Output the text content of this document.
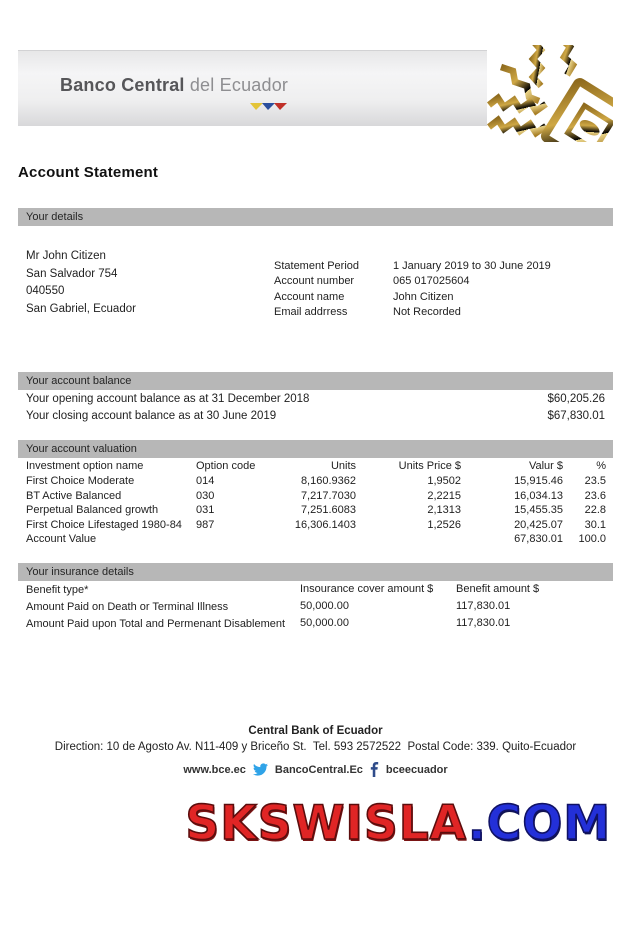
Banco Central del Ecuador
Account Statement
Your details
Mr John Citizen
San Salvador 754
040550
San Gabriel, Ecuador
Statement Period	1 January 2019 to 30 June 2019
Account number	065 017025604
Account name	John Citizen
Email addrress	Not Recorded
Your account balance
Your opening account balance as at 31 December 2018	$60,205.26
Your closing account balance as at 30 June 2019	$67,830.01
Your account valuation
Investment option name	Option code	Units	Units Price $	Valur $	%
First Choice Moderate	014	8,160.9362	1,9502	15,915.46	23.5
BT Active Balanced	030	7,217.7030	2,2215	16,034.13	23.6
Perpetual Balanced growth	031	7,251.6083	2,1313	15,455.35	22.8
First Choice Lifestaged 1980-84	987	16,306.1403	1,2526	20,425.07	30.1
Account Value				67,830.01	100.0
Your insurance details
Benefit type*	Insourance cover amount $	Benefit amount $
Amount Paid on Death or Terminal Illness	50,000.00	117,830.01
Amount Paid upon Total and Permenant Disablement	50,000.00	117,830.01
Central Bank of Ecuador
Direction: 10 de Agosto Av. N11-409 y Briceño St.  Tel. 593 2572522  Postal Code: 339. Quito-Ecuador
www.bce.ec	BancoCentral.Ec bceecuador
SKSWISLA.COM
